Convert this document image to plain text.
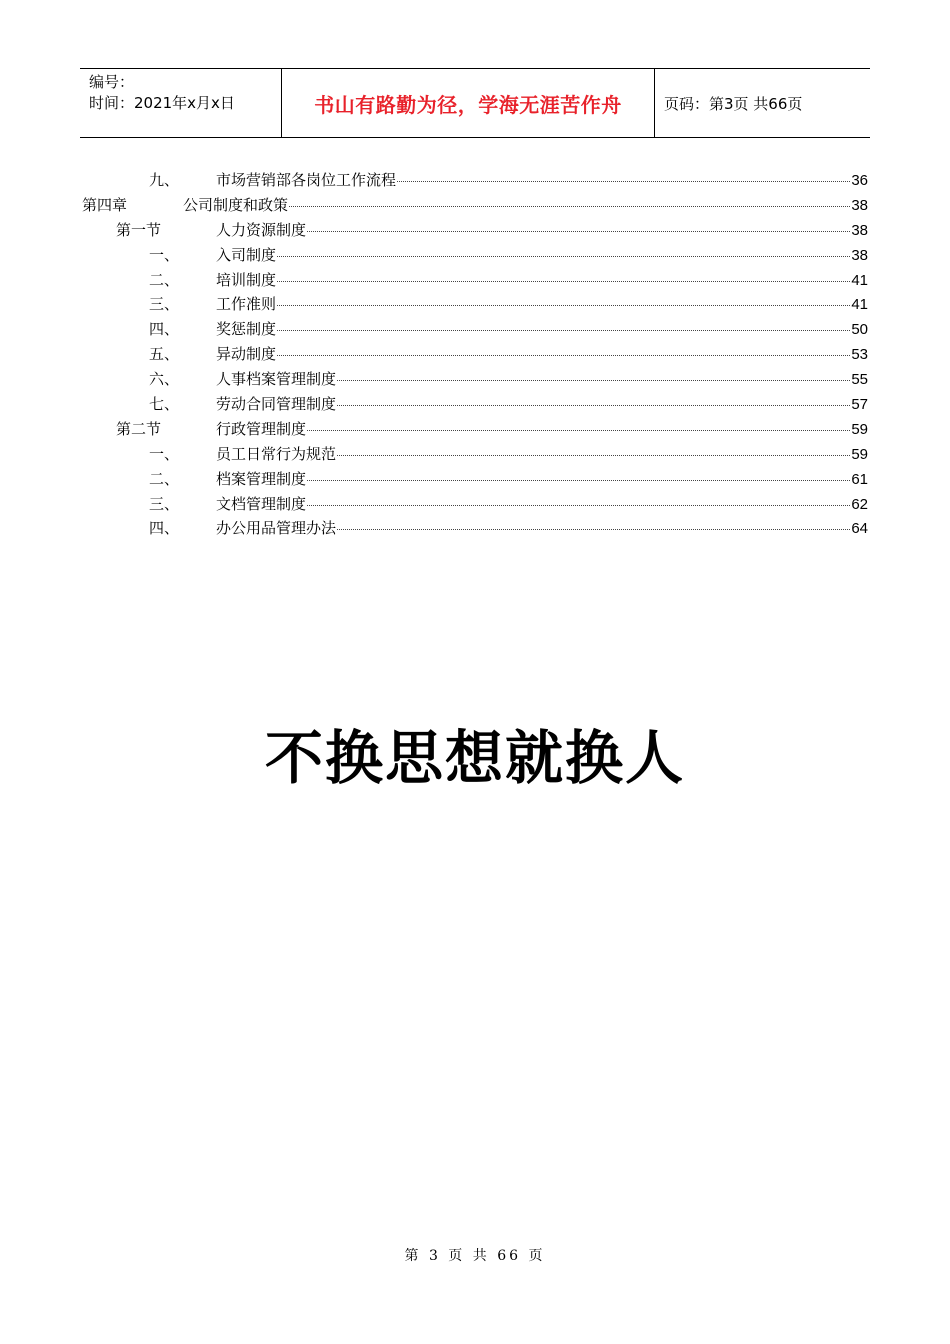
编号：
时间：2021年x月x日	书山有路勤为径，学海无涯苦作舟	页码：第3页 共66页
九、 市场营销部各岗位工作流程	36
第四章	公司制度和政策	38
第一节	人力资源制度	38
一、 入司制度	38
二、 培训制度	41
三、 工作准则	41
四、 奖惩制度	50
五、 异动制度	53
六、 人事档案管理制度	55
七、 劳动合同管理制度	57
第二节	行政管理制度	59
一、 员工日常行为规范	59
二、 档案管理制度	61
三、 文档管理制度	62
四、 办公用品管理办法	64
不换思想就换人
第 3 页 共 66 页
